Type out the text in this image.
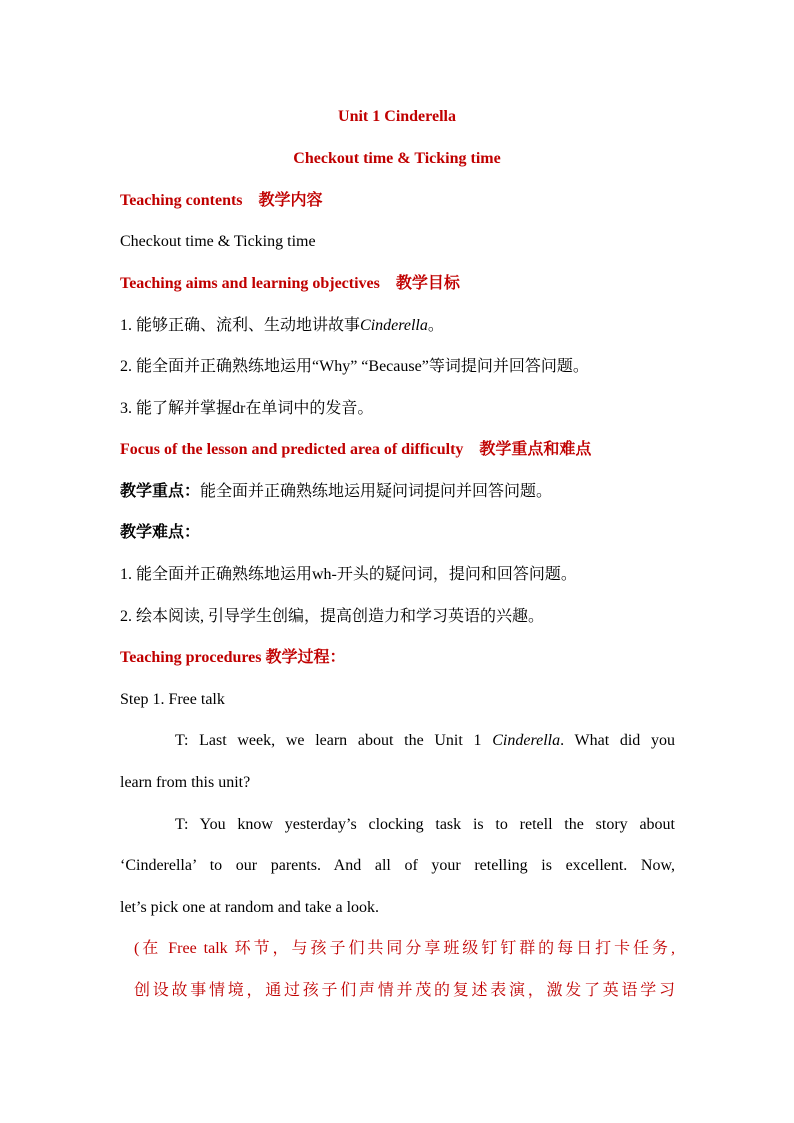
Unit 1 Cinderella
Checkout time & Ticking time
Teaching contents　教学内容
Checkout time & Ticking time
Teaching aims and learning objectives　教学目标
1. 能够正确、流利、生动地讲故事Cinderella。
2. 能全面并正确熟练地运用“Why” “Because”等词提问并回答问题。
3. 能了解并掌握dr在单词中的发音。
Focus of the lesson and predicted area of difficulty　教学重点和难点
教学重点：能全面并正确熟练地运用疑问词提问并回答问题。
教学难点：
1. 能全面并正确熟练地运用wh-开头的疑问词，提问和回答问题。
2. 绘本阅读, 引导学生创编，提高创造力和学习英语的兴趣。
Teaching procedures 教学过程：
Step 1. Free talk
T: Last week, we learn about the Unit 1 Cinderella. What did you
learn from this unit?
T: You know yesterday’s clocking task is to retell the story about
‘Cinderella’ to our parents. And all of your retelling is excellent. Now,
let’s pick one at random and take a look.
(在 Free talk 环节，与孩子们共同分享班级钉钉群的每日打卡任务,
创设故事情境，通过孩子们声情并茂的复述表演，激发了英语学习
